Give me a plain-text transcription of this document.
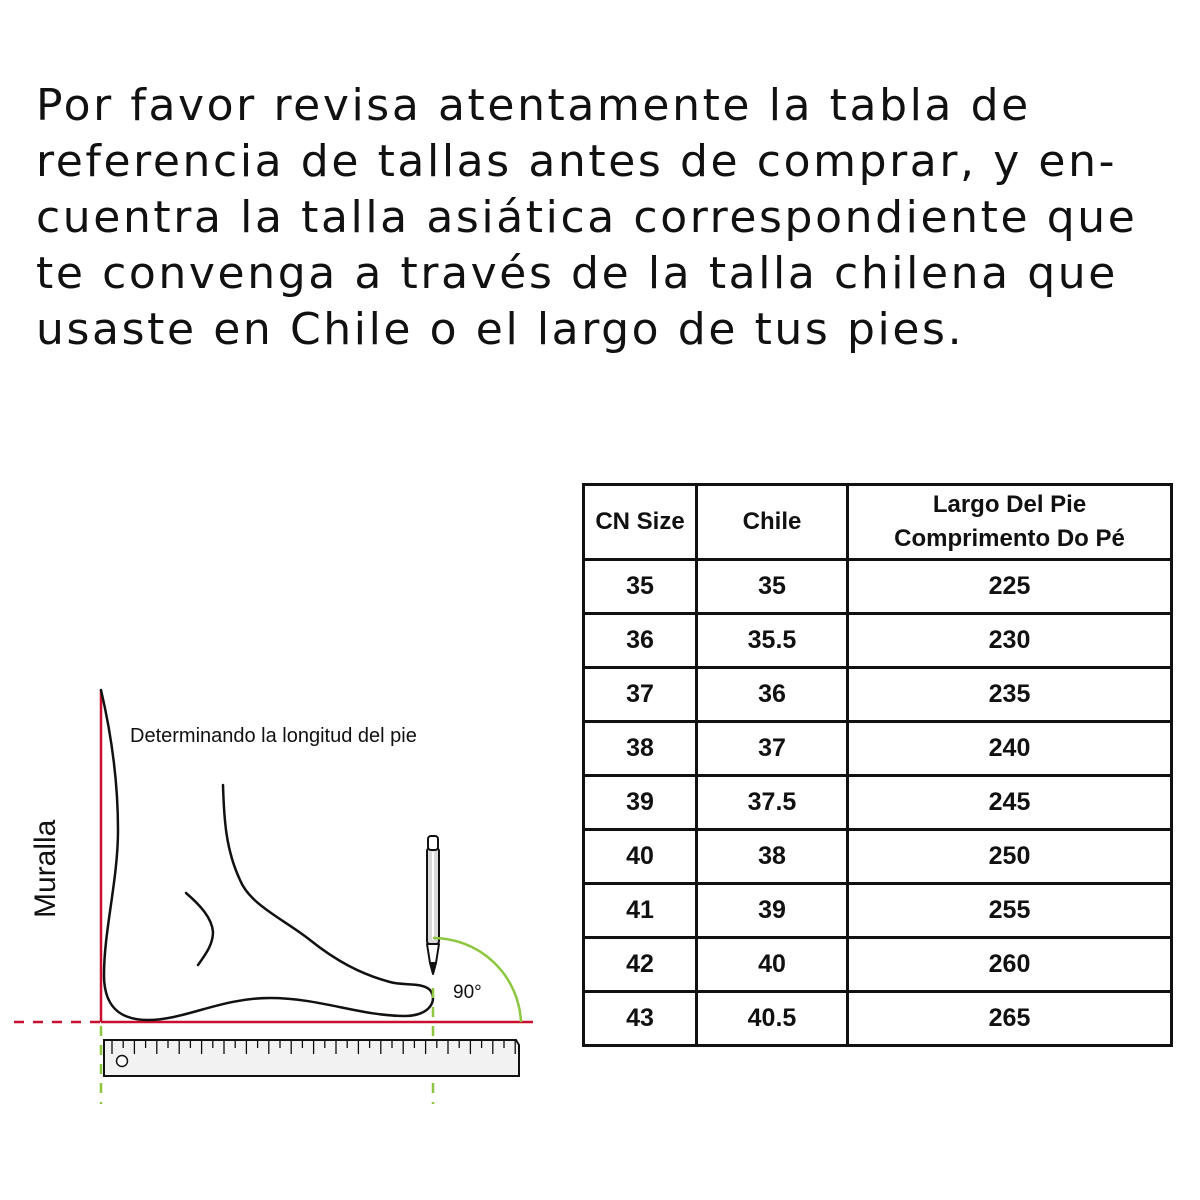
Por favor revisa atentamente la tabla de
referencia de tallas antes de comprar, y en-
cuentra la talla asiática correspondiente que
te convenga a través de la talla chilena que
usaste en Chile o el largo de tus pies.

90°
Determinando la longitud del pie
Muralla
CN Size	Chile	Largo Del Pie
Comprimento Do Pé

35	35	225
36	35.5	230
37	36	235
38	37	240
39	37.5	245
40	38	250
41	39	255
42	40	260
43	40.5	265
